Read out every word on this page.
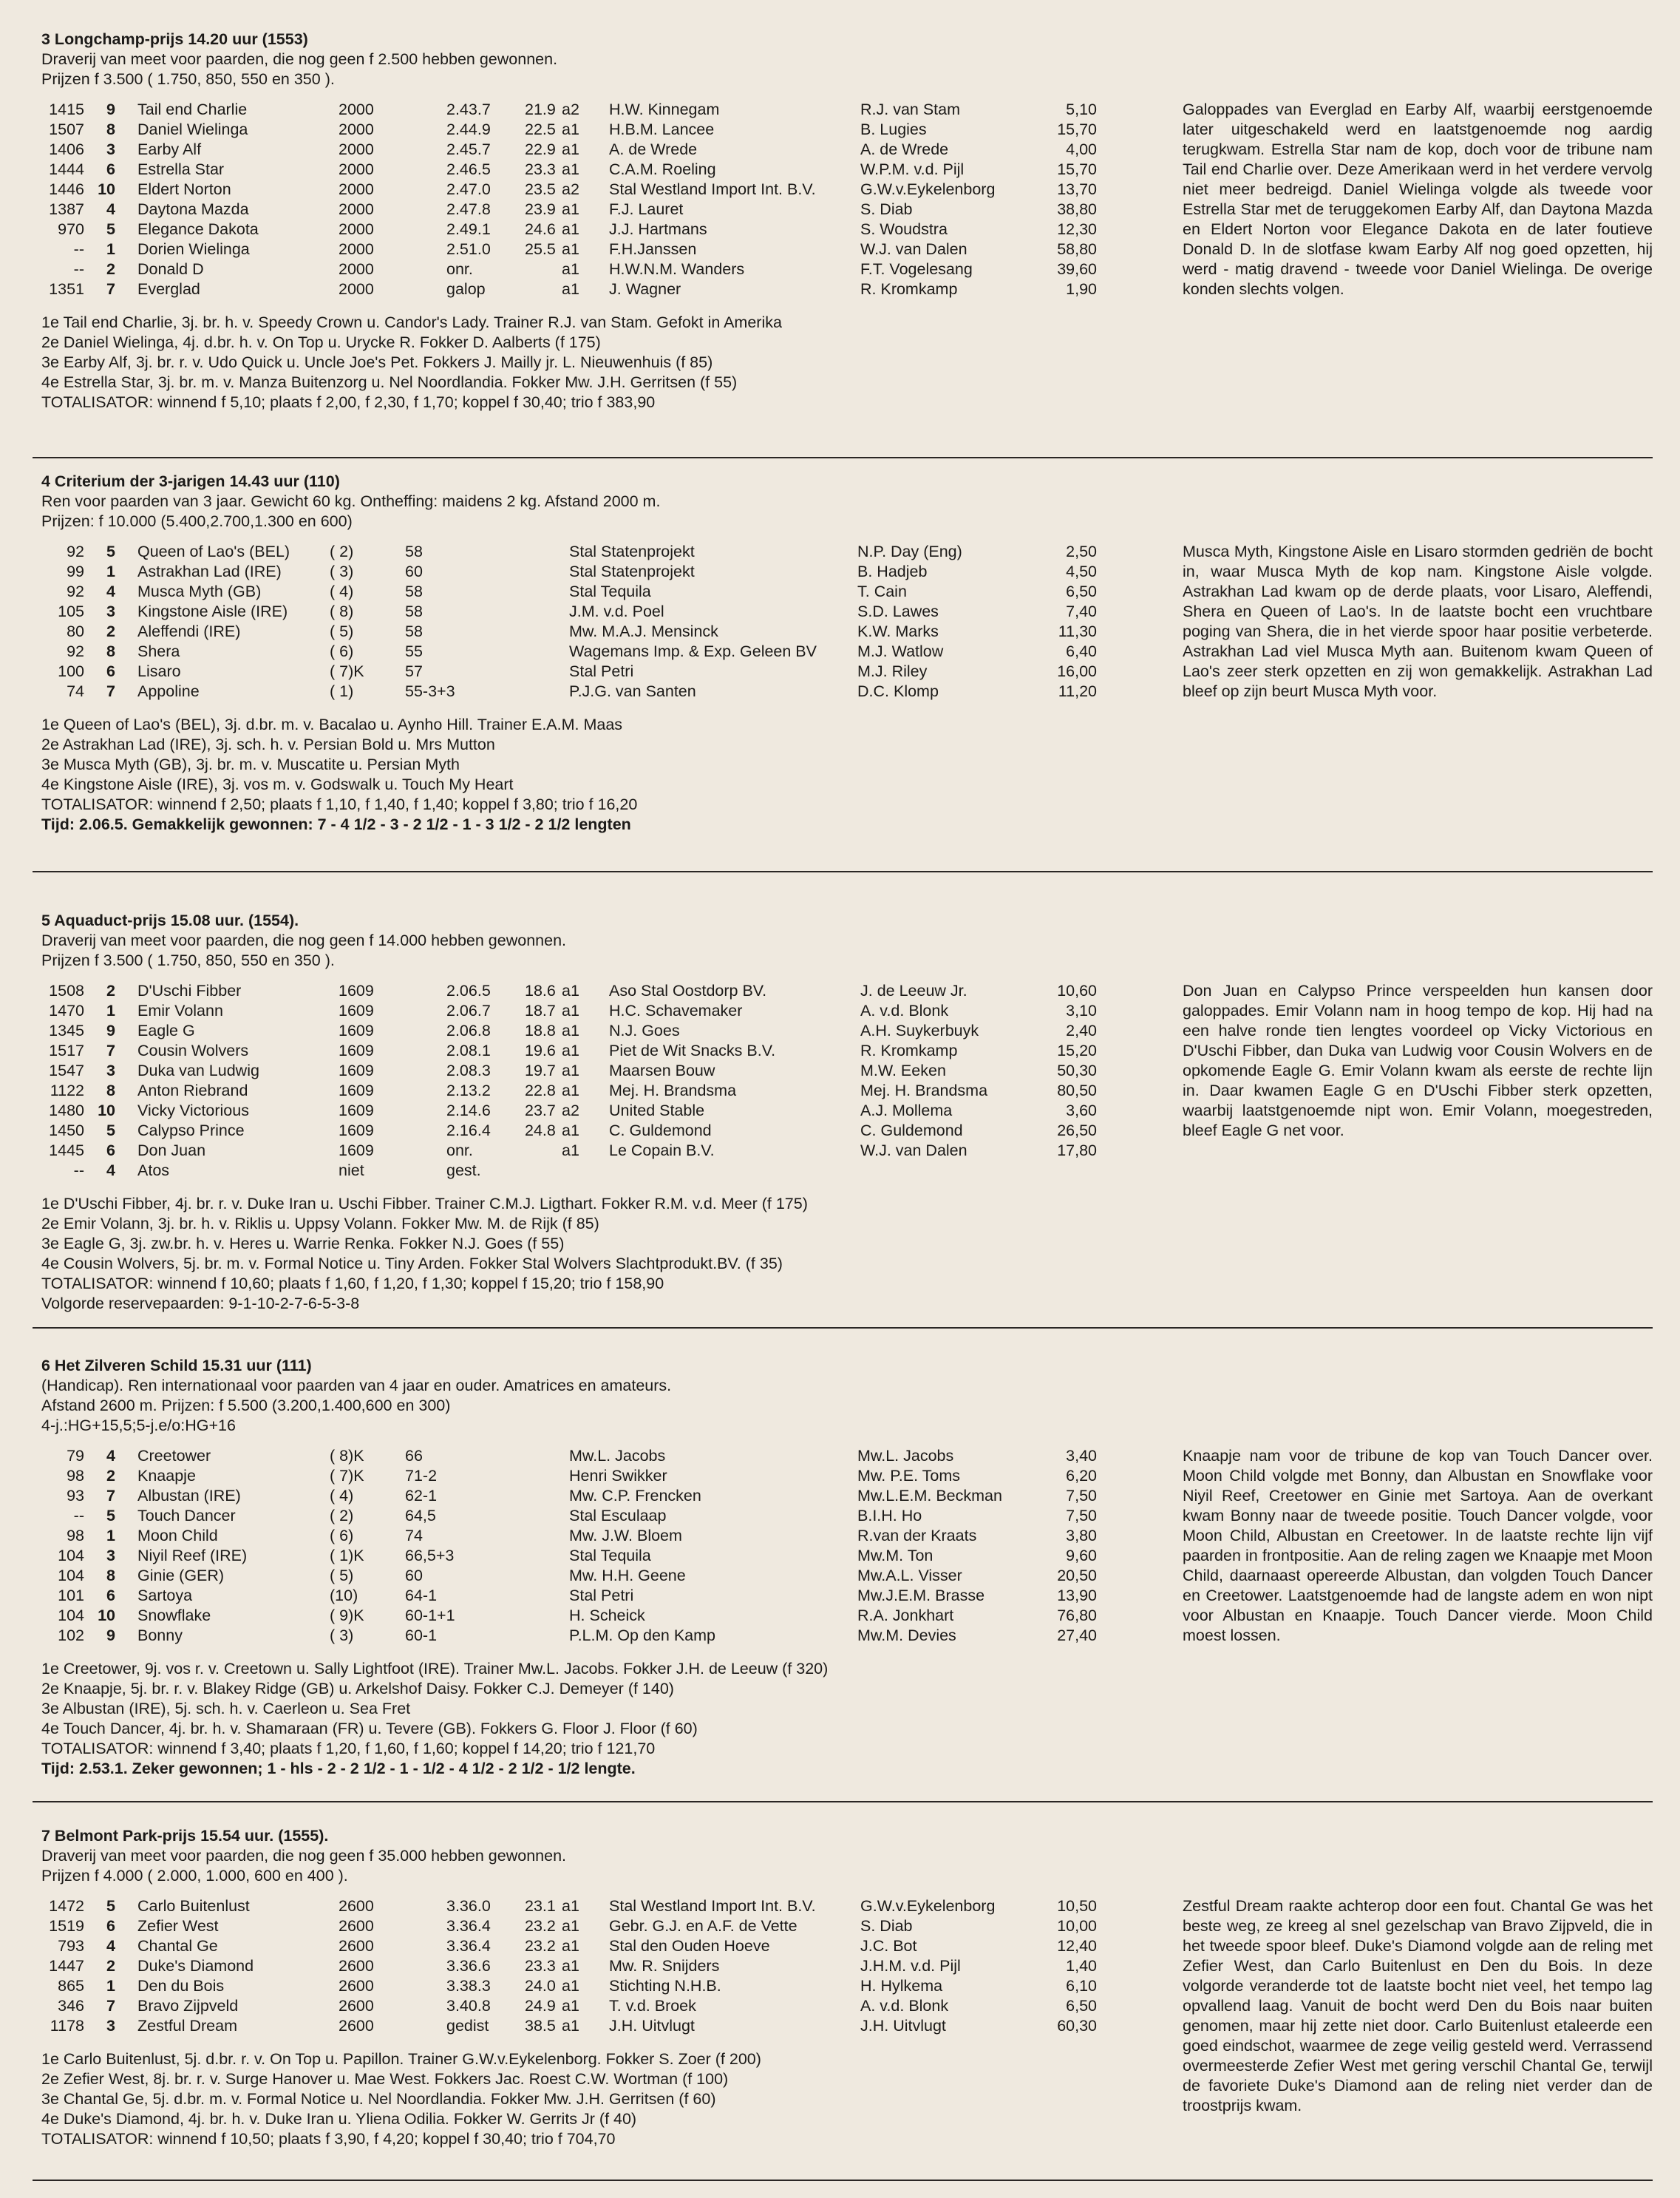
3 Longchamp-prijs 14.20 uur (1553)
Draverij van meet voor paarden, die nog geen f 2.500 hebben gewonnen.
Prijzen f 3.500 ( 1.750, 850, 550 en 350 ).
1415	9 Tail end Charlie	2000	2.43.7 21.9 a2 H.W. Kinnegam	R.J. van Stam	5,10
1507	8 Daniel Wielinga	2000	2.44.9 22.5 a1 H.B.M. Lancee	B. Lugies	15,70
1406	3 Earby Alf	2000	2.45.7 22.9 a1 A. de Wrede	A. de Wrede	4,00
1444	6 Estrella Star	2000	2.46.5 23.3 a1 C.A.M. Roeling	W.P.M. v.d. Pijl	15,70
1446 10 Eldert Norton	2000	2.47.0 23.5 a2 Stal Westland Import Int. B.V.	G.W.v.Eykelenborg	13,70
1387	4 Daytona Mazda	2000	2.47.8 23.9 a1 F.J. Lauret	S. Diab	38,80
970	5 Elegance Dakota	2000	2.49.1 24.6 a1 J.J. Hartmans	S. Woudstra	12,30
--	1 Dorien Wielinga	2000	2.51.0 25.5 a1 F.H.Janssen	W.J. van Dalen	58,80
--	2 Donald D	2000	onr.	a1 H.W.N.M. Wanders	F.T. Vogelesang	39,60
1351	7 Everglad	2000	galop	a1 J. Wagner	R. Kromkamp	1,90
Galoppades van Everglad en Earby Alf, waarbij eerstgenoemde later uitgeschakeld werd en laatstgenoemde nog aardig terugkwam. Estrella Star nam de kop, doch voor de tribune nam Tail end Charlie over. Deze Amerikaan werd in het verdere vervolg niet meer bedreigd. Daniel Wielinga volgde als tweede voor Estrella Star met de teruggekomen Earby Alf, dan Daytona Mazda en Eldert Norton voor Elegance Dakota en de later foutieve Donald D. In de slotfase kwam Earby Alf nog goed opzetten, hij werd - matig dravend - tweede voor Daniel Wielinga. De overige konden slechts volgen.
1e Tail end Charlie, 3j. br. h. v. Speedy Crown u. Candor's Lady. Trainer R.J. van Stam. Gefokt in Amerika
2e Daniel Wielinga, 4j. d.br. h. v. On Top u. Urycke R. Fokker D. Aalberts (f 175)
3e Earby Alf, 3j. br. r. v. Udo Quick u. Uncle Joe's Pet. Fokkers J. Mailly jr. L. Nieuwenhuis (f 85)
4e Estrella Star, 3j. br. m. v. Manza Buitenzorg u. Nel Noordlandia. Fokker Mw. J.H. Gerritsen (f 55)
TOTALISATOR: winnend f 5,10; plaats f 2,00, f 2,30, f 1,70; koppel f 30,40; trio f 383,90
4 Criterium der 3-jarigen 14.43 uur (110)
Ren voor paarden van 3 jaar. Gewicht 60 kg. Ontheffing: maidens 2 kg. Afstand 2000 m.
Prijzen: f 10.000 (5.400,2.700,1.300 en 600)
92	5 Queen of Lao's (BEL)	( 2)	58	Stal Statenprojekt	N.P. Day (Eng)	2,50
99	1 Astrakhan Lad (IRE)	( 3)	60	Stal Statenprojekt	B. Hadjeb	4,50
92	4 Musca Myth (GB)	( 4)	58	Stal Tequila	T. Cain	6,50
105	3 Kingstone Aisle (IRE)	( 8)	58	J.M. v.d. Poel	S.D. Lawes	7,40
80	2 Aleffendi (IRE)	( 5)	58	Mw. M.A.J. Mensinck	K.W. Marks	11,30
92	8 Shera	( 6)	55	Wagemans Imp. & Exp. Geleen BV	M.J. Watlow	6,40
100	6 Lisaro	( 7)K	57	Stal Petri	M.J. Riley	16,00
74	7 Appoline	( 1)	55-3+3	P.J.G. van Santen	D.C. Klomp	11,20
Musca Myth, Kingstone Aisle en Lisaro stormden gedriën de bocht in, waar Musca Myth de kop nam. Kingstone Aisle volgde. Astrakhan Lad kwam op de derde plaats, voor Lisaro, Aleffendi, Shera en Queen of Lao's. In de laatste bocht een vruchtbare poging van Shera, die in het vierde spoor haar positie verbeterde. Astrakhan Lad viel Musca Myth aan. Buitenom kwam Queen of Lao's zeer sterk opzetten en zij won gemakkelijk. Astrakhan Lad bleef op zijn beurt Musca Myth voor.
1e Queen of Lao's (BEL), 3j. d.br. m. v. Bacalao u. Aynho Hill. Trainer E.A.M. Maas
2e Astrakhan Lad (IRE), 3j. sch. h. v. Persian Bold u. Mrs Mutton
3e Musca Myth (GB), 3j. br. m. v. Muscatite u. Persian Myth
4e Kingstone Aisle (IRE), 3j. vos m. v. Godswalk u. Touch My Heart
TOTALISATOR: winnend f 2,50; plaats f 1,10, f 1,40, f 1,40; koppel f 3,80; trio f 16,20
Tijd: 2.06.5. Gemakkelijk gewonnen: 7 - 4 1/2 - 3 - 2 1/2 - 1 - 3 1/2 - 2 1/2 lengten
5 Aquaduct-prijs 15.08 uur. (1554).
Draverij van meet voor paarden, die nog geen f 14.000 hebben gewonnen.
Prijzen f 3.500 ( 1.750, 850, 550 en 350 ).
1508	2 D'Uschi Fibber	1609	2.06.5 18.6 a1 Aso Stal Oostdorp BV.	J. de Leeuw Jr.	10,60
1470	1 Emir Volann	1609	2.06.7 18.7 a1 H.C. Schavemaker	A. v.d. Blonk	3,10
1345	9 Eagle G	1609	2.06.8 18.8 a1 N.J. Goes	A.H. Suykerbuyk	2,40
1517	7 Cousin Wolvers	1609	2.08.1 19.6 a1 Piet de Wit Snacks B.V.	R. Kromkamp	15,20
1547	3 Duka van Ludwig	1609	2.08.3 19.7 a1 Maarsen Bouw	M.W. Eeken	50,30
1122	8 Anton Riebrand	1609	2.13.2 22.8 a1 Mej. H. Brandsma	Mej. H. Brandsma	80,50
1480 10 Vicky Victorious	1609	2.14.6 23.7 a2 United Stable	A.J. Mollema	3,60
1450	5 Calypso Prince	1609	2.16.4 24.8 a1 C. Guldemond	C. Guldemond	26,50
1445	6 Don Juan	1609	onr.	a1 Le Copain B.V.	W.J. van Dalen	17,80
--	4 Atos	niet	gest.
Don Juan en Calypso Prince verspeelden hun kansen door galoppades. Emir Volann nam in hoog tempo de kop. Hij had na een halve ronde tien lengtes voordeel op Vicky Victorious en D'Uschi Fibber, dan Duka van Ludwig voor Cousin Wolvers en de opkomende Eagle G. Emir Volann kwam als eerste de rechte lijn in. Daar kwamen Eagle G en D'Uschi Fibber sterk opzetten, waarbij laatstgenoemde nipt won. Emir Volann, moegestreden, bleef Eagle G net voor.
1e D'Uschi Fibber, 4j. br. r. v. Duke Iran u. Uschi Fibber. Trainer C.M.J. Ligthart. Fokker R.M. v.d. Meer (f 175)
2e Emir Volann, 3j. br. h. v. Riklis u. Uppsy Volann. Fokker Mw. M. de Rijk (f 85)
3e Eagle G, 3j. zw.br. h. v. Heres u. Warrie Renka. Fokker N.J. Goes (f 55)
4e Cousin Wolvers, 5j. br. m. v. Formal Notice u. Tiny Arden. Fokker Stal Wolvers Slachtprodukt.BV. (f 35)
TOTALISATOR: winnend f 10,60; plaats f 1,60, f 1,20, f 1,30; koppel f 15,20; trio f 158,90
Volgorde reservepaarden: 9-1-10-2-7-6-5-3-8
6 Het Zilveren Schild 15.31 uur (111)
(Handicap). Ren internationaal voor paarden van 4 jaar en ouder. Amatrices en amateurs.
Afstand 2600 m. Prijzen: f 5.500 (3.200,1.400,600 en 300)
4-j.:HG+15,5;5-j.e/o:HG+16
79	4 Creetower	( 8)K	66	Mw.L. Jacobs	Mw.L. Jacobs	3,40
98	2 Knaapje	( 7)K	71-2	Henri Swikker	Mw. P.E. Toms	6,20
93	7 Albustan (IRE)	( 4)	62-1	Mw. C.P. Frencken	Mw.L.E.M. Beckman	7,50
--	5 Touch Dancer	( 2)	64,5	Stal Esculaap	B.I.H. Ho	7,50
98	1 Moon Child	( 6)	74	Mw. J.W. Bloem	R.van der Kraats	3,80
104	3 Niyil Reef (IRE)	( 1)K	66,5+3	Stal Tequila	Mw.M. Ton	9,60
104	8 Ginie (GER)	( 5)	60	Mw. H.H. Geene	Mw.A.L. Visser	20,50
101	6 Sartoya	(10)	64-1	Stal Petri	Mw.J.E.M. Brasse	13,90
104 10 Snowflake	( 9)K	60-1+1	H. Scheick	R.A. Jonkhart	76,80
102	9 Bonny	( 3)	60-1	P.L.M. Op den Kamp	Mw.M. Devies	27,40
Knaapje nam voor de tribune de kop van Touch Dancer over. Moon Child volgde met Bonny, dan Albustan en Snowflake voor Niyil Reef, Creetower en Ginie met Sartoya. Aan de overkant kwam Bonny naar de tweede positie. Touch Dancer volgde, voor Moon Child, Albustan en Creetower. In de laatste rechte lijn vijf paarden in frontpositie. Aan de reling zagen we Knaapje met Moon Child, daarnaast opereerde Albustan, dan volgden Touch Dancer en Creetower. Laatstgenoemde had de langste adem en won nipt voor Albustan en Knaapje. Touch Dancer vierde. Moon Child moest lossen.
1e Creetower, 9j. vos r. v. Creetown u. Sally Lightfoot (IRE). Trainer Mw.L. Jacobs. Fokker J.H. de Leeuw (f 320)
2e Knaapje, 5j. br. r. v. Blakey Ridge (GB) u. Arkelshof Daisy. Fokker C.J. Demeyer (f 140)
3e Albustan (IRE), 5j. sch. h. v. Caerleon u. Sea Fret
4e Touch Dancer, 4j. br. h. v. Shamaraan (FR) u. Tevere (GB). Fokkers G. Floor J. Floor (f 60)
TOTALISATOR: winnend f 3,40; plaats f 1,20, f 1,60, f 1,60; koppel f 14,20; trio f 121,70
Tijd: 2.53.1. Zeker gewonnen; 1 - hls - 2 - 2 1/2 - 1 - 1/2 - 4 1/2 - 2 1/2 - 1/2 lengte.
7 Belmont Park-prijs 15.54 uur. (1555).
Draverij van meet voor paarden, die nog geen f 35.000 hebben gewonnen.
Prijzen f 4.000 ( 2.000, 1.000, 600 en 400 ).
1472	5 Carlo Buitenlust	2600	3.36.0 23.1 a1 Stal Westland Import Int. B.V.	G.W.v.Eykelenborg	10,50
1519	6 Zefier West	2600	3.36.4 23.2 a1 Gebr. G.J. en A.F. de Vette	S. Diab	10,00
793	4 Chantal Ge	2600	3.36.4 23.2 a1 Stal den Ouden Hoeve	J.C. Bot	12,40
1447	2 Duke's Diamond	2600	3.36.6 23.3 a1 Mw. R. Snijders	J.H.M. v.d. Pijl	1,40
865	1 Den du Bois	2600	3.38.3 24.0 a1 Stichting N.H.B.	H. Hylkema	6,10
346	7 Bravo Zijpveld	2600	3.40.8 24.9 a1 T. v.d. Broek	A. v.d. Blonk	6,50
1178	3 Zestful Dream	2600	gedist 38.5 a1 J.H. Uitvlugt	J.H. Uitvlugt	60,30
Zestful Dream raakte achterop door een fout. Chantal Ge was het beste weg, ze kreeg al snel gezelschap van Bravo Zijpveld, die in het tweede spoor bleef. Duke's Diamond volgde aan de reling met Zefier West, dan Carlo Buitenlust en Den du Bois. In deze volgorde veranderde tot de laatste bocht niet veel, het tempo lag opvallend laag. Vanuit de bocht werd Den du Bois naar buiten genomen, maar hij zette niet door. Carlo Buitenlust etaleerde een goed eindschot, waarmee de zege veilig gesteld werd. Verrassend overmeesterde Zefier West met gering verschil Chantal Ge, terwijl de favoriete Duke's Diamond aan de reling niet verder dan de troostprijs kwam.
1e Carlo Buitenlust, 5j. d.br. r. v. On Top u. Papillon. Trainer G.W.v.Eykelenborg. Fokker S. Zoer (f 200)
2e Zefier West, 8j. br. r. v. Surge Hanover u. Mae West. Fokkers Jac. Roest C.W. Wortman (f 100)
3e Chantal Ge, 5j. d.br. m. v. Formal Notice u. Nel Noordlandia. Fokker Mw. J.H. Gerritsen (f 60)
4e Duke's Diamond, 4j. br. h. v. Duke Iran u. Yliena Odilia. Fokker W. Gerrits Jr (f 40)
TOTALISATOR: winnend f 10,50; plaats f 3,90, f 4,20; koppel f 30,40; trio f 704,70
